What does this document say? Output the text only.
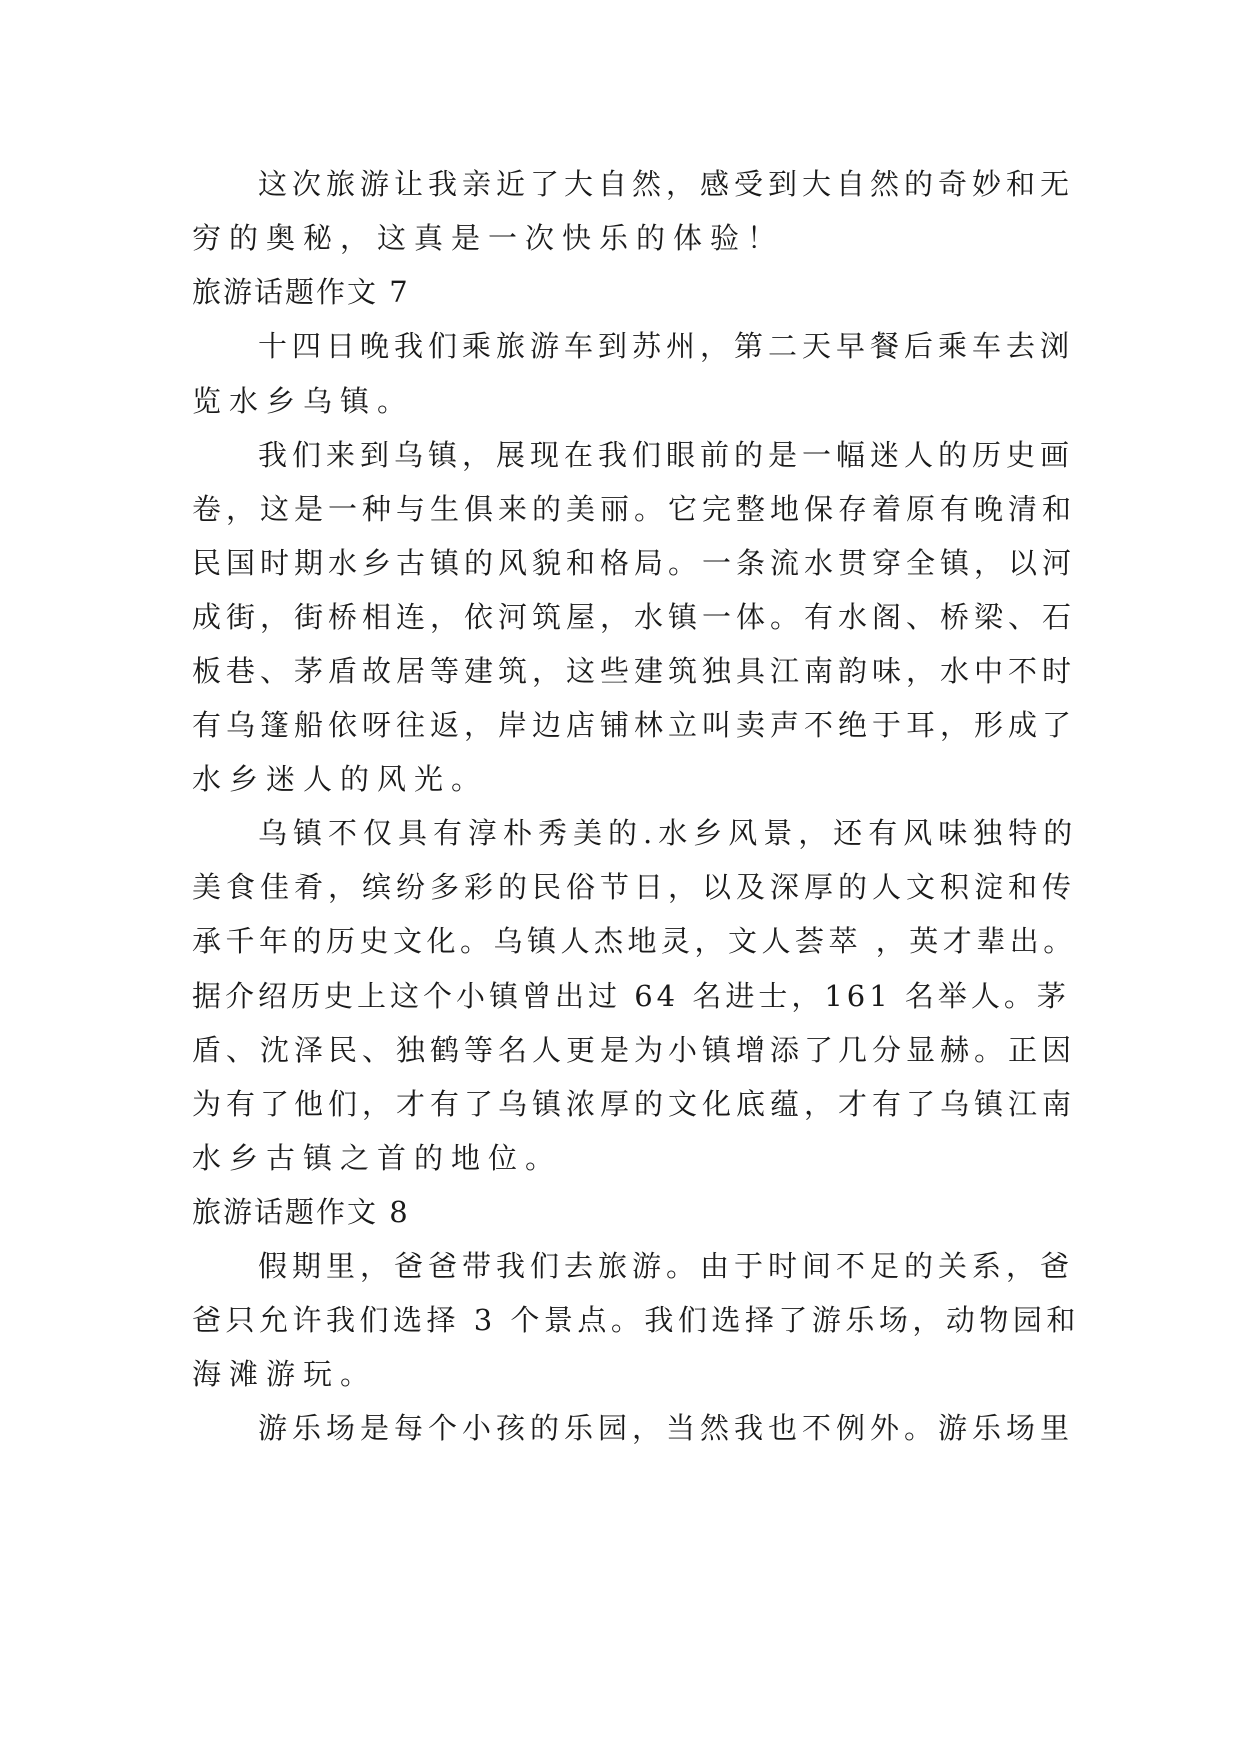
这次旅游让我亲近了大自然，感受到大自然的奇妙和无
穷的奥秘，这真是一次快乐的体验！
旅游话题作文 7
十四日晚我们乘旅游车到苏州，第二天早餐后乘车去浏
览水乡乌镇。
我们来到乌镇，展现在我们眼前的是一幅迷人的历史画
卷，这是一种与生俱来的美丽。它完整地保存着原有晚清和
民国时期水乡古镇的风貌和格局。一条流水贯穿全镇，以河
成街，街桥相连，依河筑屋，水镇一体。有水阁、桥梁、石
板巷、茅盾故居等建筑，这些建筑独具江南韵味，水中不时
有乌篷船依呀往返，岸边店铺林立叫卖声不绝于耳，形成了
水乡迷人的风光。
乌镇不仅具有淳朴秀美的.水乡风景，还有风味独特的
美食佳肴，缤纷多彩的民俗节日，以及深厚的人文积淀和传
承千年的历史文化。乌镇人杰地灵，文人荟萃 ，英才辈出。
据介绍历史上这个小镇曾出过 64 名进士，161 名举人。茅
盾、沈泽民、独鹤等名人更是为小镇增添了几分显赫。正因
为有了他们，才有了乌镇浓厚的文化底蕴，才有了乌镇江南
水乡古镇之首的地位。
旅游话题作文 8
假期里，爸爸带我们去旅游。由于时间不足的关系，爸
爸只允许我们选择 3 个景点。我们选择了游乐场，动物园和
海滩游玩。
游乐场是每个小孩的乐园，当然我也不例外。游乐场里
